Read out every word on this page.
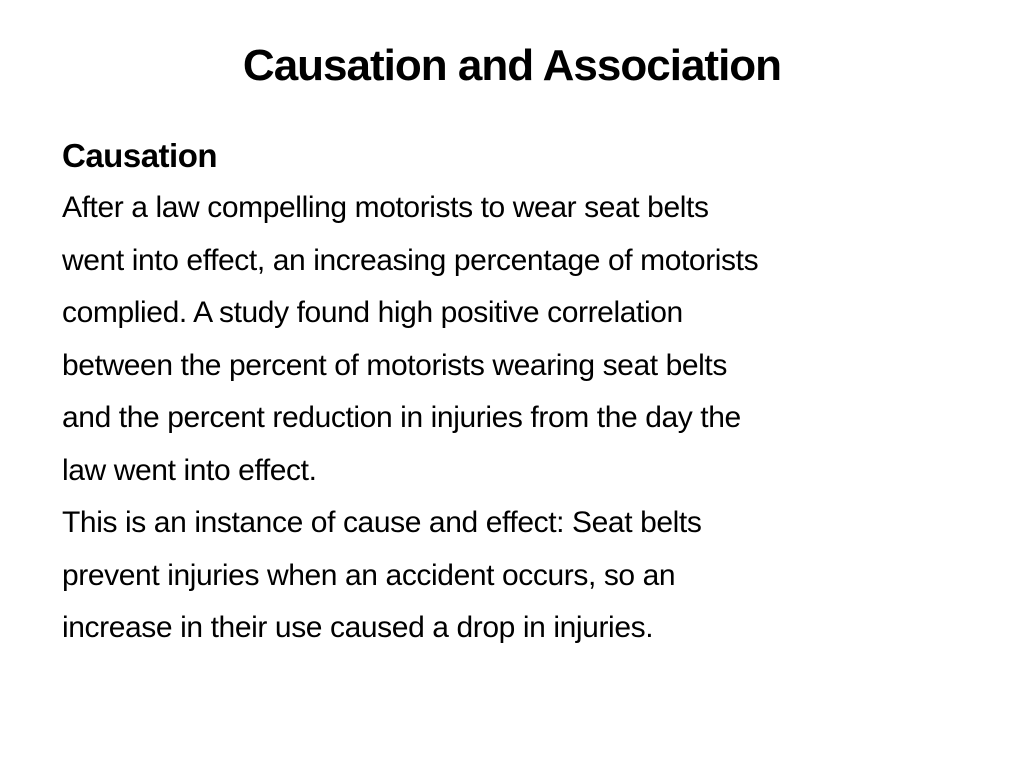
Causation and Association
Causation

After a law compelling motorists to wear seat belts
went into effect, an increasing percentage of motorists
complied. A study found high positive correlation
between the percent of motorists wearing seat belts
and the percent reduction in injuries from the day the
law went into effect.

This is an instance of cause and effect: Seat belts
prevent injuries when an accident occurs, so an
increase in their use caused a drop in injuries.
